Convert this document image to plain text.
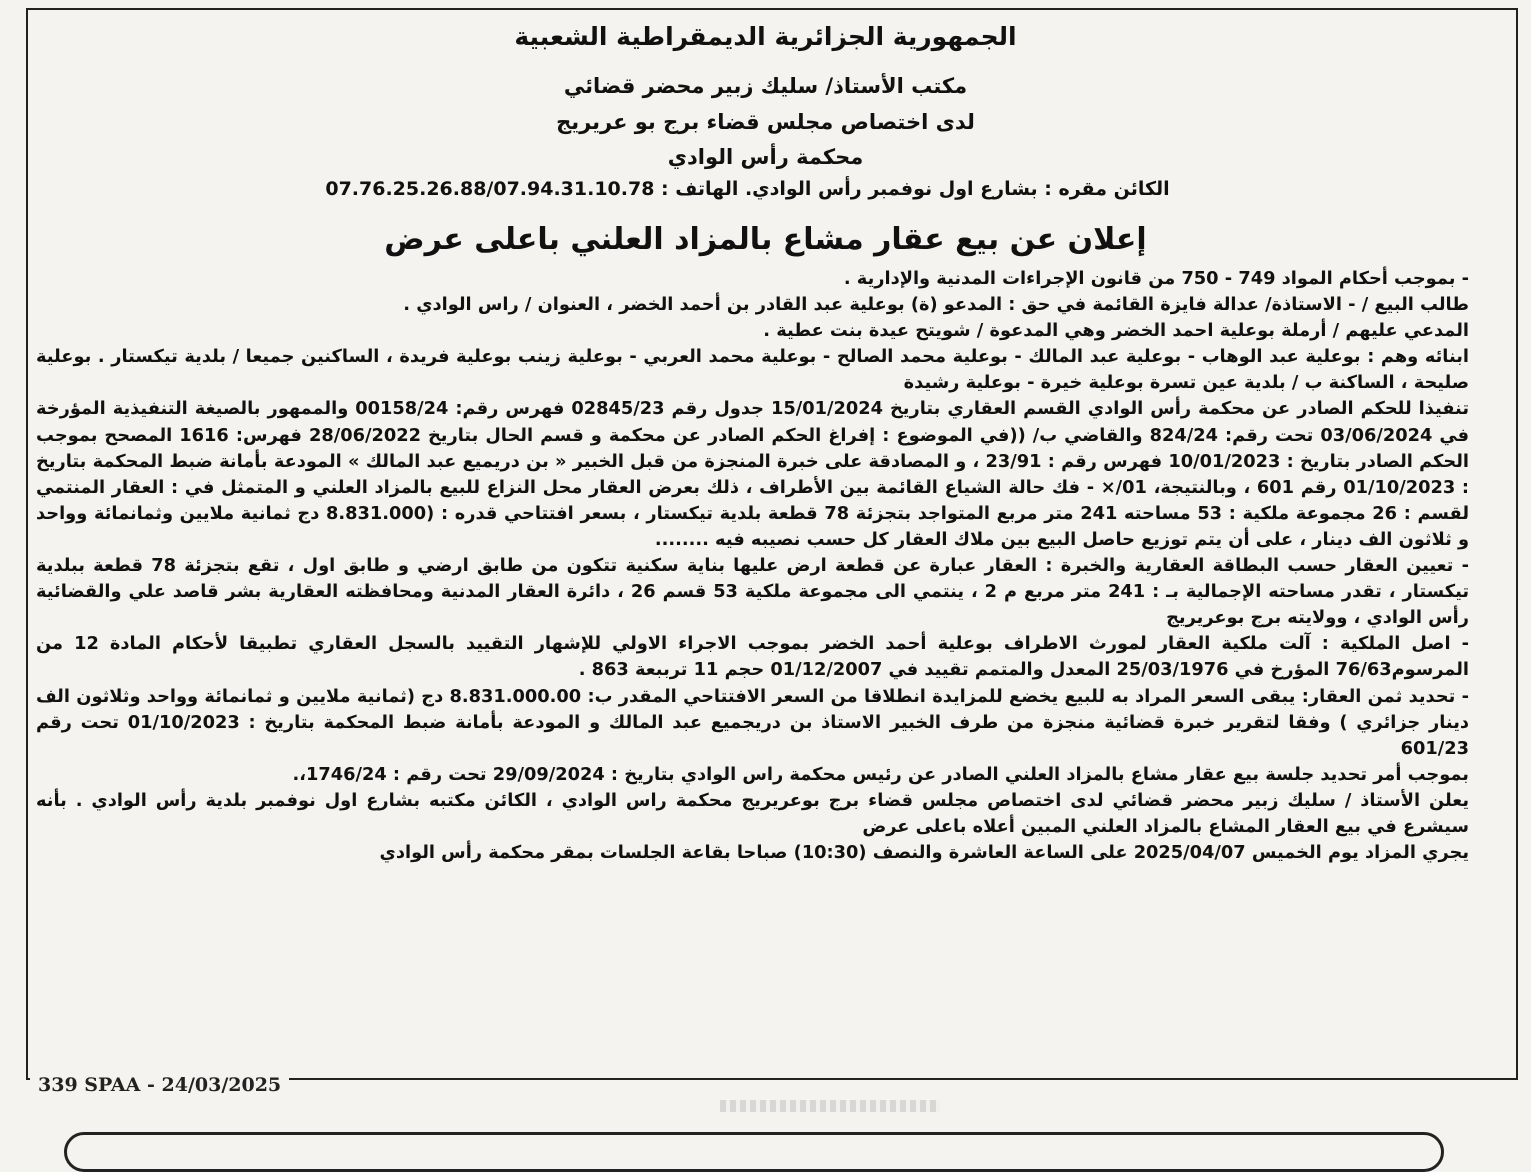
الجمهورية الجزائرية الديمقراطية الشعبية
مكتب الأستاذ/ سليك زبير محضر قضائي
لدى اختصاص مجلس قضاء برج بو عريريج
محكمة رأس الوادي
الكائن مقره : بشارع اول نوفمبر رأس الوادي. الهاتف : 07.76.25.26.88/07.94.31.10.78
إعلان عن بيع عقار مشاع بالمزاد العلني باعلى عرض

- بموجب أحكام المواد 749 - 750 من قانون الإجراءات المدنية والإدارية .

طالب البيع / - الاستاذة/ عدالة فايزة القائمة في حق : المدعو (ة) بوعلية عبد القادر بن أحمد الخضر ، العنوان / راس الوادي .

المدعي عليهم / أرملة بوعلية احمد الخضر وهي المدعوة / شويتح عيدة بنت عطية .

ابنائه وهم : بوعلية عبد الوهاب - بوعلية عبد المالك - بوعلية محمد الصالح - بوعلية محمد العربي - بوعلية زينب بوعلية فريدة ، الساكنين جميعا / بلدية تيكستار . بوعلية صليحة ، الساكنة ب / بلدية عين تسرة بوعلية خيرة - بوعلية رشيدة

تنفيذا للحكم الصادر عن محكمة رأس الوادي القسم العقاري بتاريخ 15/01/2024 جدول رقم 02845/23 فهرس رقم: 00158/24 والممهور بالصيغة التنفيذية المؤرخة في 03/06/2024 تحت رقم: 824/24 والقاضي ب/ ((في الموضوع : إفراغ الحكم الصادر عن محكمة و قسم الحال بتاريخ 28/06/2022 فهرس: 1616 المصحح بموجب الحكم الصادر بتاريخ : 10/01/2023 فهرس رقم : 23/91 ، و المصادقة على خبرة المنجزة من قبل الخبير « بن دريميع عبد المالك » المودعة بأمانة ضبط المحكمة بتاريخ : 01/10/2023 رقم 601 ، وبالنتيجة، 01/× - فك حالة الشياع القائمة بين الأطراف ، ذلك بعرض العقار محل النزاع للبيع بالمزاد العلني و المتمثل في : العقار المنتمي لقسم : 26 مجموعة ملكية : 53 مساحته 241 متر مربع المتواجد بتجزئة 78 قطعة بلدية تيكستار ، بسعر افتتاحي قدره : (8.831.000 دج ثمانية ملايين وثمانمائة وواحد و ثلاثون الف دينار ، على أن يتم توزيع حاصل البيع بين ملاك العقار كل حسب نصيبه فيه ........

- تعيين العقار حسب البطاقة العقارية والخبرة : العقار عبارة عن قطعة ارض عليها بناية سكنية تتكون من طابق ارضي و طابق اول ، تقع بتجزئة 78 قطعة ببلدية تيكستار ، تقدر مساحته الإجمالية بـ : 241 متر مربع م 2 ، ينتمي الى مجموعة ملكية 53 قسم 26 ، دائرة العقار المدنية ومحافظته العقارية بشر قاصد علي والقضائية رأس الوادي ، وولايته برج بوعريريج

- اصل الملكية : آلت ملكية العقار لمورث الاطراف بوعلية أحمد الخضر بموجب الاجراء الاولي للإشهار التقييد بالسجل العقاري تطبيقا لأحكام المادة 12 من المرسوم76/63 المؤرخ في 25/03/1976 المعدل والمتمم تقييد في 01/12/2007 حجم 11 ترببعة 863 .

- تحديد ثمن العقار: يبقى السعر المراد به للبيع يخضع للمزايدة انطلاقا من السعر الافتتاحي المقدر ب: 8.831.000.00 دج (ثمانية ملايين و ثمانمائة وواحد وثلاثون الف دينار جزائري ) وفقا لتقرير خبرة قضائية منجزة من طرف الخبير الاستاذ بن دريجميع عبد المالك و المودعة بأمانة ضبط المحكمة بتاريخ : 01/10/2023 تحت رقم 601/23

بموجب أمر تحديد جلسة بيع عقار مشاع بالمزاد العلني الصادر عن رئيس محكمة راس الوادي بتاريخ : 29/09/2024 تحت رقم : 1746/24،.

يعلن الأستاذ / سليك زبير محضر قضائي لدى اختصاص مجلس قضاء برج بوعريريج محكمة راس الوادي ، الكائن مكتبه بشارع اول نوفمبر بلدية رأس الوادي . بأنه سيشرع في بيع العقار المشاع بالمزاد العلني المبين أعلاه باعلى عرض

يجري المزاد يوم الخميس 2025/04/07 على الساعة العاشرة والنصف (10:30) صباحا بقاعة الجلسات بمقر محكمة رأس الوادي

339 SPAA - 24/03/2025
